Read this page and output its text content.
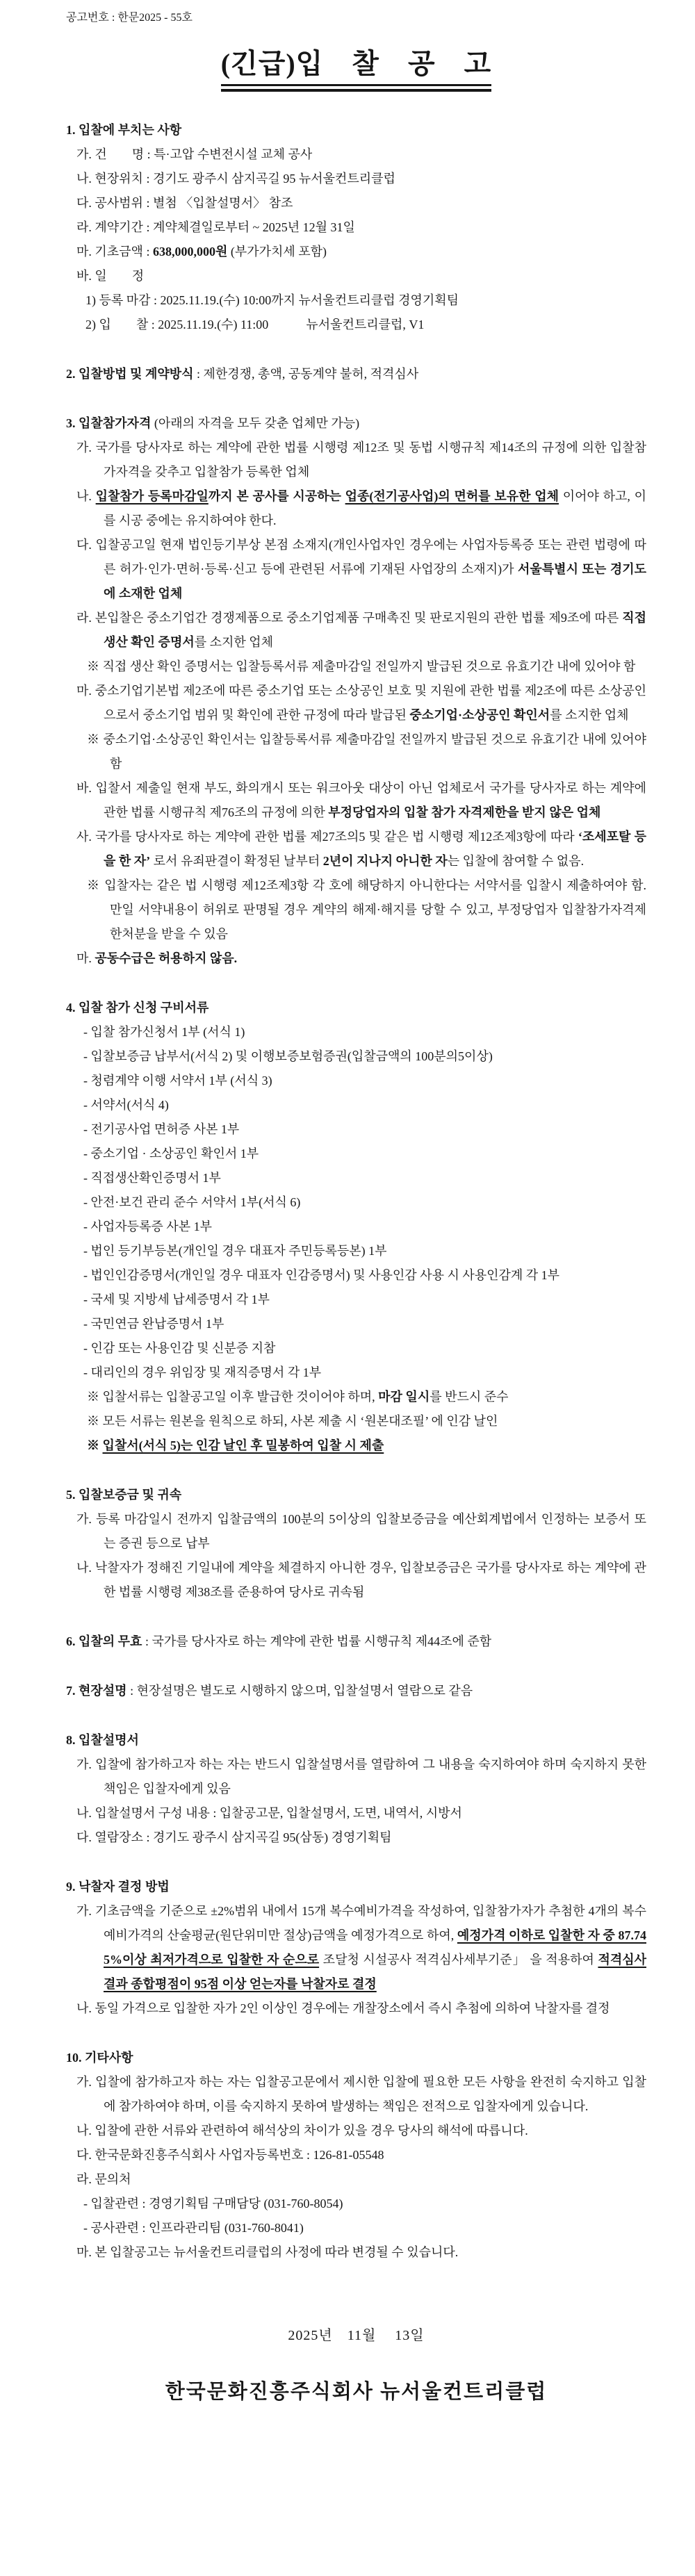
공고번호 : 한문2025 - 55호

(긴급)입　찰　공　고

1. 입찰에 부치는 사항

가. 건　　명 : 특·고압 수변전시설 교체 공사

나. 현장위치 : 경기도 광주시 삼지곡길 95 뉴서울컨트리클럽

다. 공사범위 : 별첨 〈입찰설명서〉 참조

라. 계약기간 : 계약체결일로부터 ~ 2025년 12월 31일

마. 기초금액 : 638,000,000원 (부가가치세 포함)

바. 일　　정

1) 등록 마감 : 2025.11.19.(수) 10:00까지 뉴서울컨트리클럽 경영기획팀

2) 입　　찰 : 2025.11.19.(수) 11:00　　　뉴서울컨트리클럽, V1

2. 입찰방법 및 계약방식 : 제한경쟁, 총액, 공동계약 불허, 적격심사

3. 입찰참가자격 (아래의 자격을 모두 갖춘 업체만 가능)

가. 국가를 당사자로 하는 계약에 관한 법률 시행령 제12조 및 동법 시행규칙 제14조의 규정에 의한 입찰참가자격을 갖추고 입찰참가 등록한 업체

나. 입찰참가 등록마감일까지 본 공사를 시공하는 업종(전기공사업)의 면허를 보유한 업체 이어야 하고, 이를 시공 중에는 유지하여야 한다.

다. 입찰공고일 현재 법인등기부상 본점 소재지(개인사업자인 경우에는 사업자등록증 또는 관련 법령에 따른 허가·인가·면허·등록·신고 등에 관련된 서류에 기재된 사업장의 소재지)가 서울특별시 또는 경기도에 소재한 업체

라. 본입찰은 중소기업간 경쟁제품으로 중소기업제품 구매촉진 및 판로지원의 관한 법률 제9조에 따른 직접 생산 확인 증명서를 소지한 업체

※ 직접 생산 확인 증명서는 입찰등록서류 제출마감일 전일까지 발급된 것으로 유효기간 내에 있어야 함

마. 중소기업기본법 제2조에 따른 중소기업 또는 소상공인 보호 및 지원에 관한 법률 제2조에 따른 소상공인으로서 중소기업 범위 및 확인에 관한 규정에 따라 발급된 중소기업·소상공인 확인서를 소지한 업체

※ 중소기업·소상공인 확인서는 입찰등록서류 제출마감일 전일까지 발급된 것으로 유효기간 내에 있어야 함

바. 입찰서 제출일 현재 부도, 화의개시 또는 워크아웃 대상이 아닌 업체로서 국가를 당사자로 하는 계약에 관한 법률 시행규칙 제76조의 규정에 의한 부정당업자의 입찰 참가 자격제한을 받지 않은 업체

사. 국가를 당사자로 하는 계약에 관한 법률 제27조의5 및 같은 법 시행령 제12조제3항에 따라 ‘조세포탈 등을 한 자’ 로서 유죄판결이 확정된 날부터 2년이 지나지 아니한 자는 입찰에 참여할 수 없음.

※ 입찰자는 같은 법 시행령 제12조제3항 각 호에 해당하지 아니한다는 서약서를 입찰시 제출하여야 함. 만일 서약내용이 허위로 판명될 경우 계약의 해제·해지를 당할 수 있고, 부정당업자 입찰참가자격제한처분을 받을 수 있음

마. 공동수급은 허용하지 않음.

4. 입찰 참가 신청 구비서류

- 입찰 참가신청서 1부 (서식 1)

- 입찰보증금 납부서(서식 2) 및 이행보증보험증권(입찰금액의 100분의5이상)

- 청렴계약 이행 서약서 1부 (서식 3)

- 서약서(서식 4)

- 전기공사업 면허증 사본 1부

- 중소기업 · 소상공인 확인서 1부

- 직접생산확인증명서 1부

- 안전·보건 관리 준수 서약서 1부(서식 6)

- 사업자등록증 사본 1부

- 법인 등기부등본(개인일 경우 대표자 주민등록등본) 1부

- 법인인감증명서(개인일 경우 대표자 인감증명서) 및 사용인감 사용 시 사용인감계 각 1부

- 국세 및 지방세 납세증명서 각 1부

- 국민연금 완납증명서 1부

- 인감 또는 사용인감 및 신분증 지참

- 대리인의 경우 위임장 및 재직증명서 각 1부

※ 입찰서류는 입찰공고일 이후 발급한 것이어야 하며, 마감 일시를 반드시 준수

※ 모든 서류는 원본을 원칙으로 하되, 사본 제출 시 ‘원본대조필’ 에 인감 날인

※ 입찰서(서식 5)는 인감 날인 후 밀봉하여 입찰 시 제출

5. 입찰보증금 및 귀속

가. 등록 마감일시 전까지 입찰금액의 100분의 5이상의 입찰보증금을 예산회계법에서 인정하는 보증서 또는 증권 등으로 납부

나. 낙찰자가 정해진 기일내에 계약을 체결하지 아니한 경우, 입찰보증금은 국가를 당사자로 하는 계약에 관한 법률 시행령 제38조를 준용하여 당사로 귀속됨

6. 입찰의 무효 : 국가를 당사자로 하는 계약에 관한 법률 시행규칙 제44조에 준함

7. 현장설명 : 현장설명은 별도로 시행하지 않으며, 입찰설명서 열람으로 같음

8. 입찰설명서

가. 입찰에 참가하고자 하는 자는 반드시 입찰설명서를 열람하여 그 내용을 숙지하여야 하며 숙지하지 못한 책임은 입찰자에게 있음

나. 입찰설명서 구성 내용 : 입찰공고문, 입찰설명서, 도면, 내역서, 시방서

다. 열람장소 : 경기도 광주시 삼지곡길 95(삼동) 경영기획팀

9. 낙찰자 결정 방법

가. 기초금액을 기준으로 ±2%범위 내에서 15개 복수예비가격을 작성하여, 입찰참가자가 추첨한 4개의 복수예비가격의 산술평균(원단위미만 절상)금액을 예정가격으로 하여, 예정가격 이하로 입찰한 자 중 87.745%이상 최저가격으로 입찰한 자 순으로 조달청 시설공사 적격심사세부기준」 을 적용하여 적격심사 결과 종합평점이 95점 이상 얻는자를 낙찰자로 결정

나. 동일 가격으로 입찰한 자가 2인 이상인 경우에는 개찰장소에서 즉시 추첨에 의하여 낙찰자를 결정

10. 기타사항

가. 입찰에 참가하고자 하는 자는 입찰공고문에서 제시한 입찰에 필요한 모든 사항을 완전히 숙지하고 입찰에 참가하여야 하며, 이를 숙지하지 못하여 발생하는 책임은 전적으로 입찰자에게 있습니다.

나. 입찰에 관한 서류와 관련하여 해석상의 차이가 있을 경우 당사의 해석에 따릅니다.

다. 한국문화진흥주식회사 사업자등록번호 : 126-81-05548

라. 문의처

- 입찰관련 : 경영기획팀 구매담당 (031-760-8054)

- 공사관련 : 인프라관리팀 (031-760-8041)

마. 본 입찰공고는 뉴서울컨트리클럽의 사정에 따라 변경될 수 있습니다.

2025년　11월　 13일

한국문화진흥주식회사 뉴서울컨트리클럽
